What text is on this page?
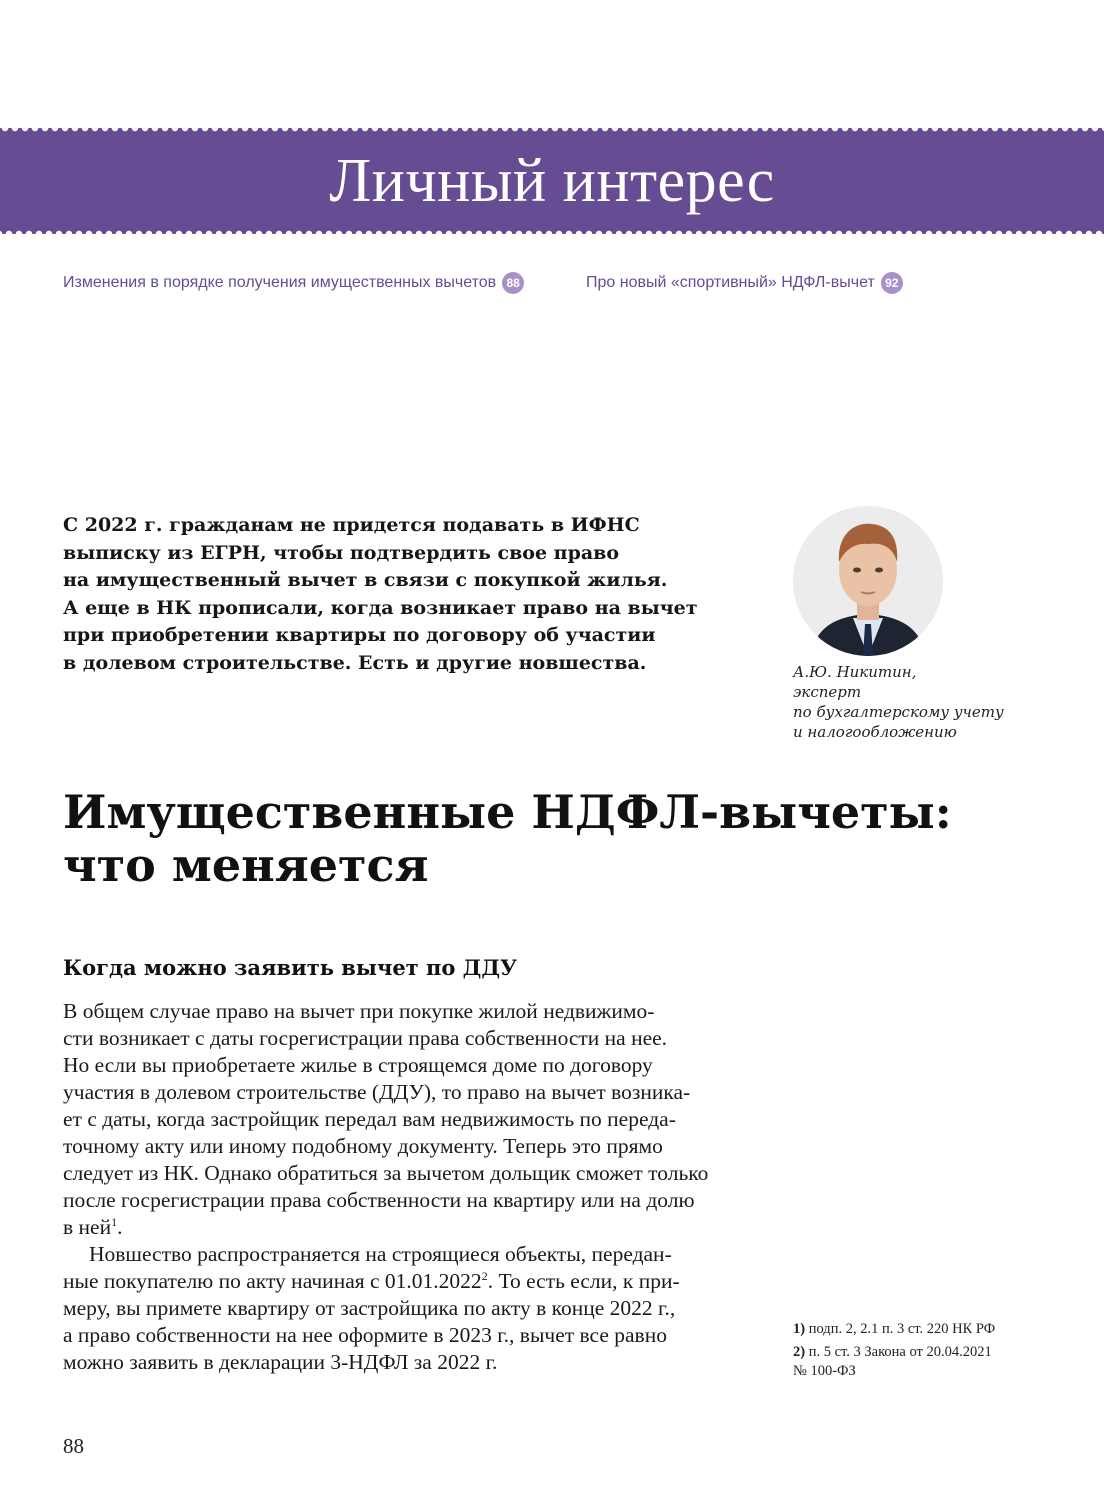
Личный интерес
Изменения в порядке получения имущественных вычетов 88	Про новый «спортивный» НДФЛ-вычет 92
С 2022 г. гражданам не придется подавать в ИФНС
выписку из ЕГРН, чтобы подтвердить свое право
на имущественный вычет в связи с покупкой жилья.
А еще в НК прописали, когда возникает право на вычет
при приобретении квартиры по договору об участии
в долевом строительстве. Есть и другие новшества.	А.Ю. Никитин,
эксперт
по бухгалтерскому учету
и налогообложению
Имущественные НДФЛ-вычеты:
что меняется
Когда можно заявить вычет по ДДУ
В общем случае право на вычет при покупке жилой недвижимо-
сти возникает с даты госрегистрации права собственности на нее.
Но если вы приобретаете жилье в строящемся доме по договору
участия в долевом строительстве (ДДУ), то право на вычет возника-
ет с даты, когда застройщик передал вам недвижимость по переда-
точному акту или иному подобному документу. Теперь это прямо
следует из НК. Однако обратиться за вычетом дольщик сможет только
после госрегистрации права собственности на квартиру или на долю
в ней$^1$.
Новшество распространяется на строящиеся объекты, передан-
ные покупателю по акту начиная с 01.01.2022$^2$. То есть если, к при-
меру, вы примете квартиру от застройщика по акту в конце 2022 г.,
а право собственности на нее оформите в 2023 г., вычет все равно
можно заявить в декларации 3-НДФЛ за 2022 г.
1) подп. 2, 2.1 п. 3 ст. 220 НК РФ
2) п. 5 ст. 3 Закона от 20.04.2021
№ 100-ФЗ
88
